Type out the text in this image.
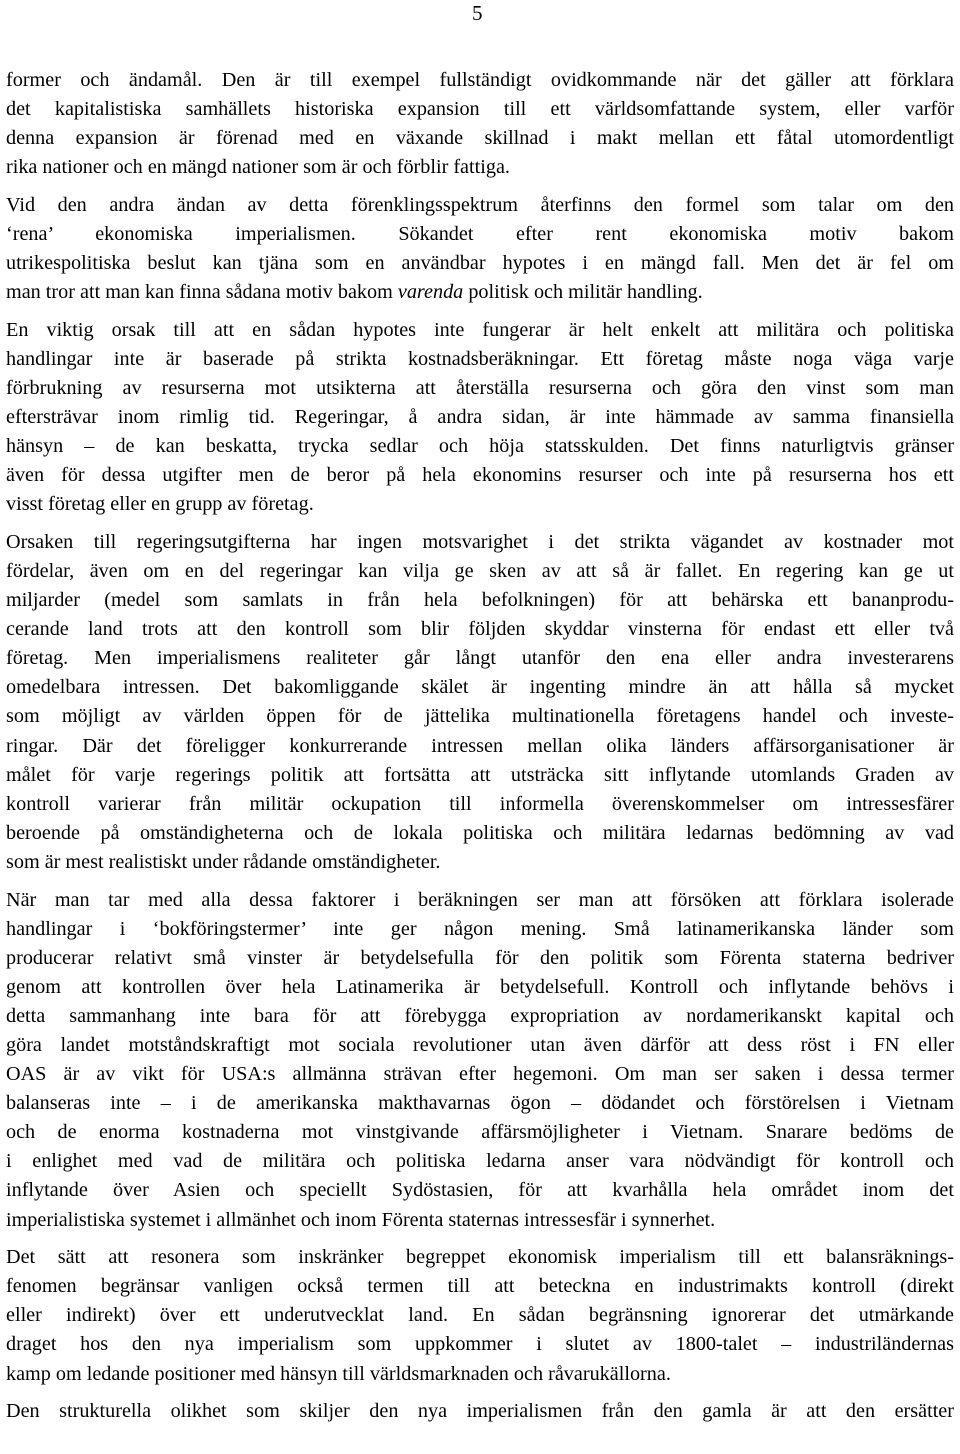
5

former och ändamål. Den är till exempel fullständigt ovidkommande när det gäller att förklara
det kapitalistiska samhällets historiska expansion till ett världsomfattande system, eller varför
denna expansion är förenad med en växande skillnad i makt mellan ett fåtal utomordentligt
rika nationer och en mängd nationer som är och förblir fattiga.

Vid den andra ändan av detta förenklingsspektrum återfinns den formel som talar om den
‘rena’ ekonomiska imperialismen. Sökandet efter rent ekonomiska motiv bakom
utrikespolitiska beslut kan tjäna som en användbar hypotes i en mängd fall. Men det är fel om
man tror att man kan finna sådana motiv bakom varenda politisk och militär handling.

En viktig orsak till att en sådan hypotes inte fungerar är helt enkelt att militära och politiska
handlingar inte är baserade på strikta kostnadsberäkningar. Ett företag måste noga väga varje
förbrukning av resurserna mot utsikterna att återställa resurserna och göra den vinst som man
eftersträvar inom rimlig tid. Regeringar, å andra sidan, är inte hämmade av samma finansiella
hänsyn – de kan beskatta, trycka sedlar och höja statsskulden. Det finns naturligtvis gränser
även för dessa utgifter men de beror på hela ekonomins resurser och inte på resurserna hos ett
visst företag eller en grupp av företag.

Orsaken till regeringsutgifterna har ingen motsvarighet i det strikta vägandet av kostnader mot
fördelar, även om en del regeringar kan vilja ge sken av att så är fallet. En regering kan ge ut
miljarder (medel som samlats in från hela befolkningen) för att behärska ett bananprodu-
cerande land trots att den kontroll som blir följden skyddar vinsterna för endast ett eller två
företag. Men imperialismens realiteter går långt utanför den ena eller andra investerarens
omedelbara intressen. Det bakomliggande skälet är ingenting mindre än att hålla så mycket
som möjligt av världen öppen för de jättelika multinationella företagens handel och investe-
ringar. Där det föreligger konkurrerande intressen mellan olika länders affärsorganisationer är
målet för varje regerings politik att fortsätta att utsträcka sitt inflytande utomlands Graden av
kontroll varierar från militär ockupation till informella överenskommelser om intressesfärer
beroende på omständigheterna och de lokala politiska och militära ledarnas bedömning av vad
som är mest realistiskt under rådande omständigheter.

När man tar med alla dessa faktorer i beräkningen ser man att försöken att förklara isolerade
handlingar i ‘bokföringstermer’ inte ger någon mening. Små latinamerikanska länder som
producerar relativt små vinster är betydelsefulla för den politik som Förenta staterna bedriver
genom att kontrollen över hela Latinamerika är betydelsefull. Kontroll och inflytande behövs i
detta sammanhang inte bara för att förebygga expropriation av nordamerikanskt kapital och
göra landet motståndskraftigt mot sociala revolutioner utan även därför att dess röst i FN eller
OAS är av vikt för USA:s allmänna strävan efter hegemoni. Om man ser saken i dessa termer
balanseras inte – i de amerikanska makthavarnas ögon – dödandet och förstörelsen i Vietnam
och de enorma kostnaderna mot vinstgivande affärsmöjligheter i Vietnam. Snarare bedöms de
i enlighet med vad de militära och politiska ledarna anser vara nödvändigt för kontroll och
inflytande över Asien och speciellt Sydöstasien, för att kvarhålla hela området inom det
imperialistiska systemet i allmänhet och inom Förenta staternas intressesfär i synnerhet.

Det sätt att resonera som inskränker begreppet ekonomisk imperialism till ett balansräknings-
fenomen begränsar vanligen också termen till att beteckna en industrimakts kontroll (direkt
eller indirekt) över ett underutvecklat land. En sådan begränsning ignorerar det utmärkande
draget hos den nya imperialism som uppkommer i slutet av 1800-talet – industriländernas
kamp om ledande positioner med hänsyn till världsmarknaden och råvarukällorna.

Den strukturella olikhet som skiljer den nya imperialismen från den gamla är att den ersätter
